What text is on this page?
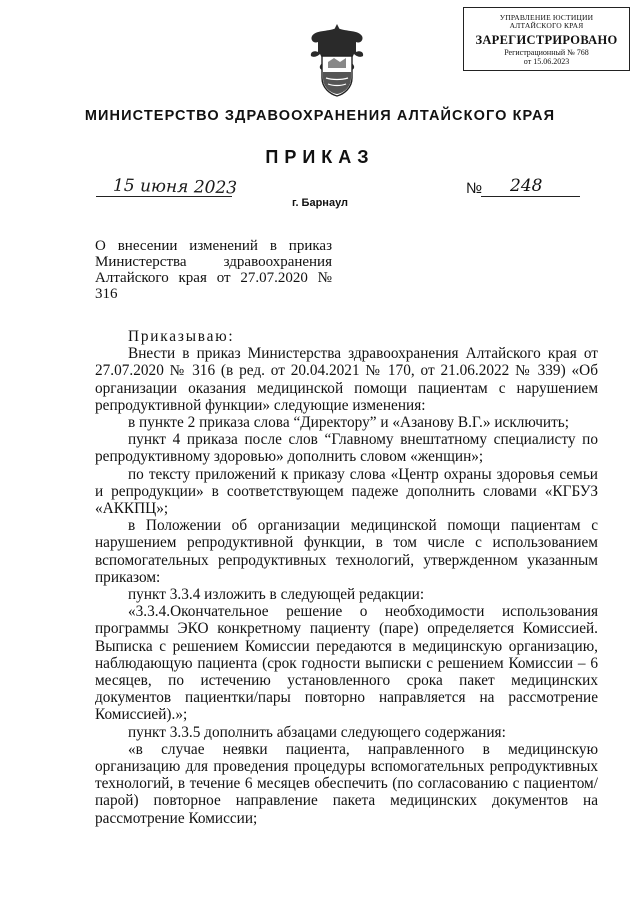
УПРАВЛЕНИЕ ЮСТИЦИИ
АЛТАЙСКОГО КРАЯ
ЗАРЕГИСТРИРОВАНО
Регистрационный № 768
от 15.06.2023
МИНИСТЕРСТВО ЗДРАВООХРАНЕНИЯ АЛТАЙСКОГО КРАЯ
ПРИКАЗ
15 июня 2023	№ 248
г. Барнаул
О внесении изменений в приказ Министерства здравоохранения Алтайского края от 27.07.2020 № 316

Приказываю:

Внести в приказ Министерства здравоохранения Алтайского края от 27.07.2020 № 316 (в ред. от 20.04.2021 № 170, от 21.06.2022 № 339) «Об организации оказания медицинской помощи пациентам с нарушением репродуктивной функции» следующие изменения:

в пункте 2 приказа слова “Директору” и «Азанову В.Г.» исключить;

пункт 4 приказа после слов “Главному внештатному специалисту по репродуктивному здоровью» дополнить словом «женщин»;

по тексту приложений к приказу слова «Центр охраны здоровья семьи и репродукции» в соответствующем падеже дополнить словами «КГБУЗ «АККПЦ»;

в Положении об организации медицинской помощи пациентам с нарушением репродуктивной функции, в том числе с использованием вспомогательных репродуктивных технологий, утвержденном указанным приказом:

пункт 3.3.4 изложить в следующей редакции:

«3.3.4.Окончательное решение о необходимости использования программы ЭКО конкретному пациенту (паре) определяется Комиссией. Выписка с решением Комиссии передаются в медицинскую организацию, наблюдающую пациента (срок годности выписки с решением Комиссии – 6 месяцев, по истечению установленного срока пакет медицинских документов пациентки/пары повторно направляется на рассмотрение Комиссией).»;

пункт 3.3.5 дополнить абзацами следующего содержания:

«в случае неявки пациента, направленного в медицинскую организацию для проведения процедуры вспомогательных репродуктивных технологий, в течение 6 месяцев обеспечить (по согласованию с пациентом/парой) повторное направление пакета медицинских документов на рассмотрение Комиссии;
